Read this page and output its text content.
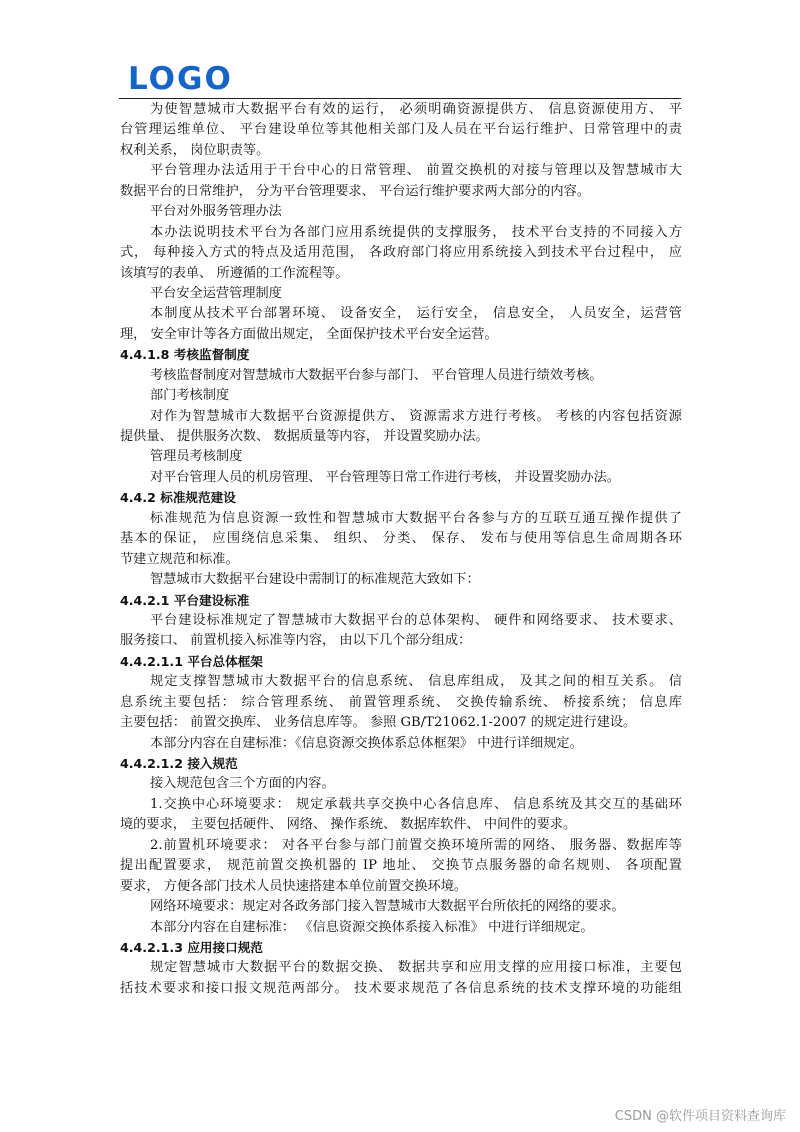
LOGO
为使智慧城市大数据平台有效的运行， 必须明确资源提供方、 信息资源使用方、 平
台管理运维单位、 平台建设单位等其他相关部门及人员在平台运行维护、日常管理中的责
权利关系， 岗位职责等。
平台管理办法适用于干台中心的日常管理、 前置交换机的对接与管理以及智慧城市大
数据平台的日常维护， 分为平台管理要求、 平台运行维护要求两大部分的内容。
平台对外服务管理办法
本办法说明技术平台为各部门应用系统提供的支撑服务， 技术平台支持的不同接入方
式， 每种接入方式的特点及适用范围， 各政府部门将应用系统接入到技术平台过程中， 应
该填写的表单、 所遵循的工作流程等。
平台安全运营管理制度
本制度从技术平台部署环境、 设备安全， 运行安全， 信息安全， 人员安全，运营管
理， 安全审计等各方面做出规定， 全面保护技术平台安全运营。
4.4.1.8 考核监督制度
考核监督制度对智慧城市大数据平台参与部门、 平台管理人员进行绩效考核。
部门考核制度
对作为智慧城市大数据平台资源提供方、 资源需求方进行考核。 考核的内容包括资源
提供量、 提供服务次数、 数据质量等内容， 并设置奖励办法。
管理员考核制度
对平台管理人员的机房管理、 平台管理等日常工作进行考核， 并设置奖励办法。
4.4.2 标准规范建设
标准规范为信息资源一致性和智慧城市大数据平台各参与方的互联互通互操作提供了
基本的保证， 应围绕信息采集、 组织、 分类、 保存、 发布与使用等信息生命周期各环
节建立规范和标准。
智慧城市大数据平台建设中需制订的标准规范大致如下：
4.4.2.1 平台建设标准
平台建设标准规定了智慧城市大数据平台的总体架构、 硬件和网络要求、 技术要求、
服务接口、 前置机接入标准等内容， 由以下几个部分组成：
4.4.2.1.1 平台总体框架
规定支撑智慧城市大数据平台的信息系统、 信息库组成， 及其之间的相互关系。 信
息系统主要包括： 综合管理系统、 前置管理系统、 交换传输系统、 桥接系统； 信息库
主要包括： 前置交换库、 业务信息库等。 参照 GB/T21062.1-2007 的规定进行建设。
本部分内容在自建标准：《信息资源交换体系总体框架》 中进行详细规定。
4.4.2.1.2 接入规范
接入规范包含三个方面的内容。
1.交换中心环境要求： 规定承载共享交换中心各信息库、 信息系统及其交互的基础环
境的要求， 主要包括硬件、 网络、 操作系统、 数据库软件、 中间件的要求。
2.前置机环境要求： 对各平台参与部门前置交换环境所需的网络、 服务器、数据库等
提出配置要求， 规范前置交换机器的 IP 地址、 交换节点服务器的命名规则、 各项配置
要求， 方便各部门技术人员快速搭建本单位前置交换环境。
网络环境要求：规定对各政务部门接入智慧城市大数据平台所依托的网络的要求。
本部分内容在自建标准： 《信息资源交换体系接入标准》 中进行详细规定。
4.4.2.1.3 应用接口规范
规定智慧城市大数据平台的数据交换、 数据共享和应用支撑的应用接口标准，主要包
括技术要求和接口报文规范两部分。 技术要求规范了各信息系统的技术支撑环境的功能组
CSDN @软件项目资料查询库
